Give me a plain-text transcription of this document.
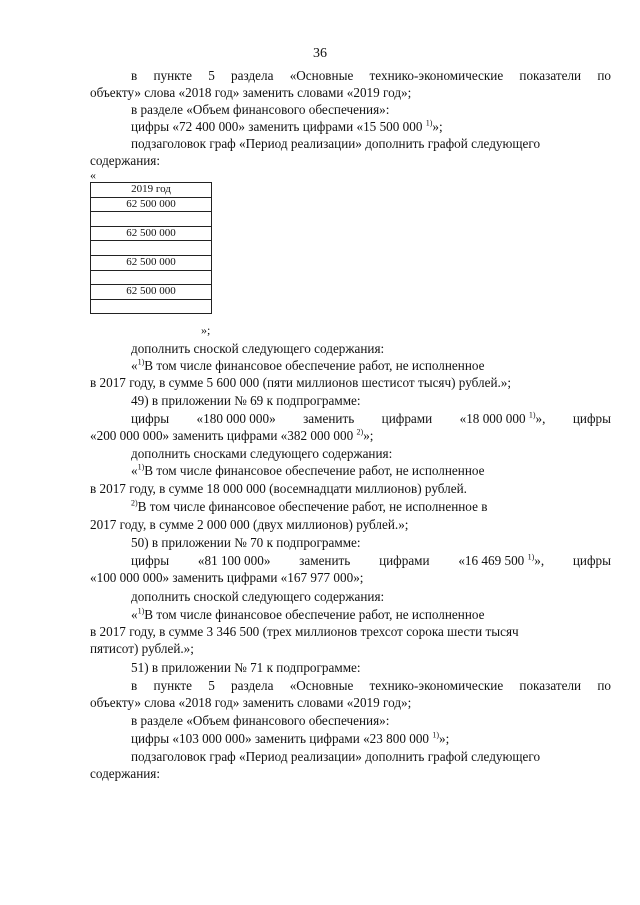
36
в пункте 5 раздела «Основные технико-экономические показатели по
объекту» слова «2018 год» заменить словами «2019 год»;
в разделе «Объем финансового обеспечения»:
цифры «72 400 000» заменить цифрами «15 500 000 $^{1)}$»;
подзаголовок граф «Период реализации» дополнить графой следующего
содержания:
«
2019 год
62 500 000

62 500 000

62 500 000

62 500 000

»;
дополнить сноской следующего содержания:
«$^{1)}$В том числе финансовое обеспечение работ, не исполненное
в 2017 году, в сумме 5 600 000 (пяти миллионов шестисот тысяч) рублей.»;
49) в приложении № 69 к подпрограмме:
цифры «180 000 000» заменить цифрами «18 000 000 $^{1)}$», цифры
«200 000 000» заменить цифрами «382 000 000 $^{2)}$»;
дополнить сносками следующего содержания:
«$^{1)}$В том числе финансовое обеспечение работ, не исполненное
в 2017 году, в сумме 18 000 000 (восемнадцати миллионов) рублей.
$^{2)}$В том числе финансовое обеспечение работ, не исполненное в
2017 году, в сумме 2 000 000 (двух миллионов) рублей.»;
50) в приложении № 70 к подпрограмме:
цифры «81 100 000» заменить цифрами «16 469 500 $^{1)}$», цифры
«100 000 000» заменить цифрами «167 977 000»;
дополнить сноской следующего содержания:
«$^{1)}$В том числе финансовое обеспечение работ, не исполненное
в 2017 году, в сумме 3 346 500 (трех миллионов трехсот сорока шести тысяч
пятисот) рублей.»;
51) в приложении № 71 к подпрограмме:
в пункте 5 раздела «Основные технико-экономические показатели по
объекту» слова «2018 год» заменить словами «2019 год»;
в разделе «Объем финансового обеспечения»:
цифры «103 000 000» заменить цифрами «23 800 000 $^{1)}$»;
подзаголовок граф «Период реализации» дополнить графой следующего
содержания:
